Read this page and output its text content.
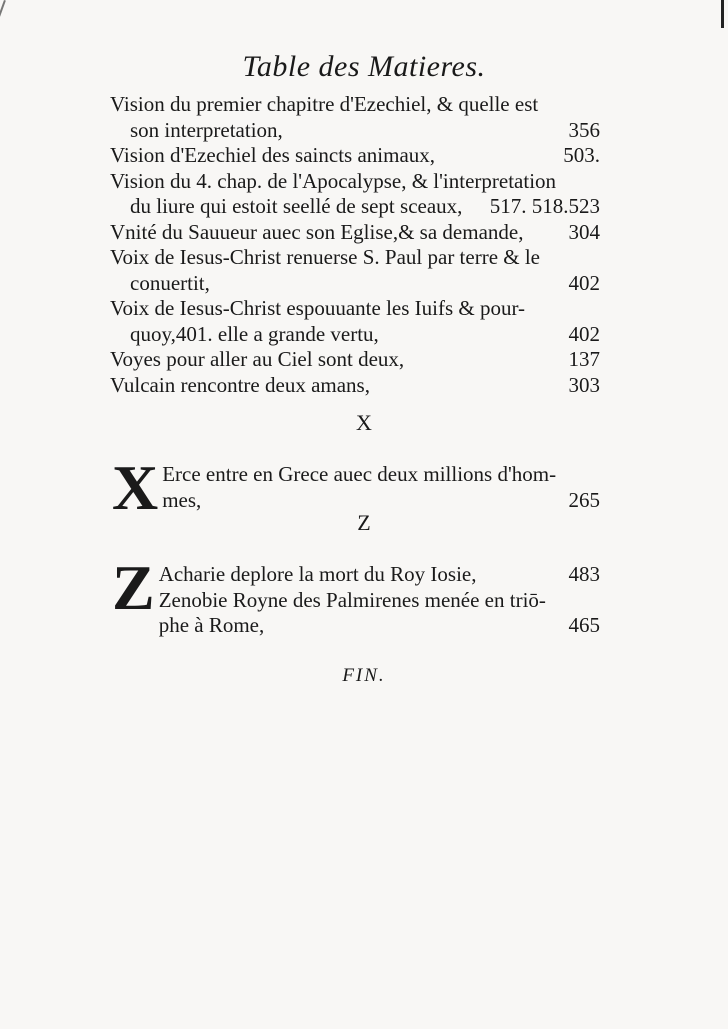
Table des Matieres.
Vision du premier chapitre d'Ezechiel, & quelle est
son interpretation,	356
Vision d'Ezechiel des saincts animaux,	503.
Vision du 4. chap. de l'Apocalypse, & l'interpretation
du liure qui estoit seellé de sept sceaux,	517. 518.523
Vnité du Sauueur auec son Eglise,& sa demande,	304
Voix de Iesus-Christ renuerse S. Paul par terre & le
conuertit,	402
Voix de Iesus-Christ espouuante les Iuifs & pour-
quoy,401. elle a grande vertu,	402
Voyes pour aller au Ciel sont deux,	137
Vulcain rencontre deux amans,	303
X
X Erce entre en Grece auec deux millions d'hom-
mes,	265
Z
Z Acharie deplore la mort du Roy Iosie,	483
Zenobie Royne des Palmirenes menée en triō-
phe à Rome,	465
FIN.
